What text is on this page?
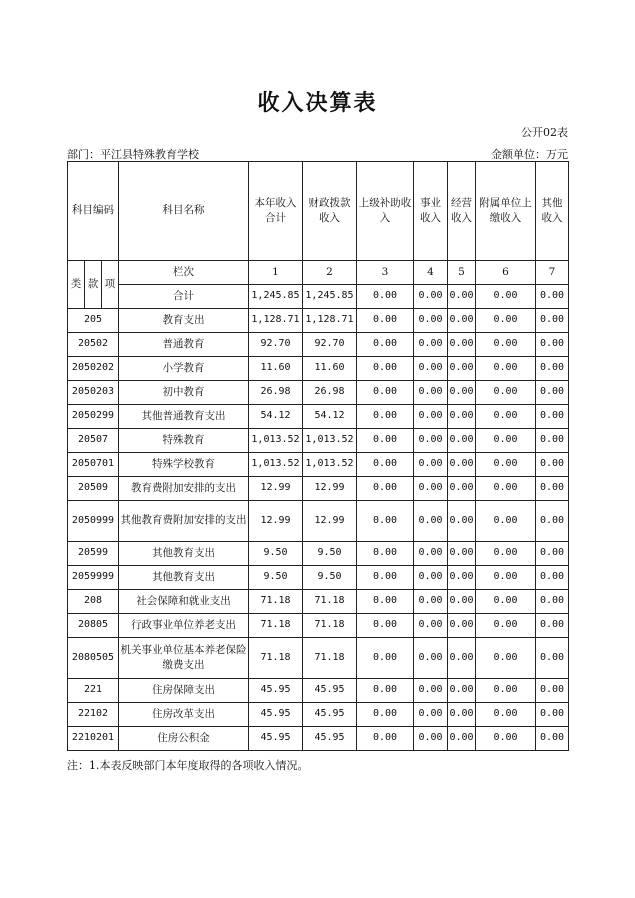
收入决算表
公开02表
部门：平江县特殊教育学校	金额单位：万元
科目编码			科目名称	本年收入合计	财政拨款收入	上级补助收入	事业收入	经营收入	附属单位上缴收入	其他收入
类	款	项	栏次	1	2	3	4	5	6	7
			合计	1,245.85	1,245.85	0.00	0.00	0.00	0.00	0.00
205			教育支出	1,128.71	1,128.71	0.00	0.00	0.00	0.00	0.00
20502			普通教育	92.70	92.70	0.00	0.00	0.00	0.00	0.00
2050202			小学教育	11.60	11.60	0.00	0.00	0.00	0.00	0.00
2050203			初中教育	26.98	26.98	0.00	0.00	0.00	0.00	0.00
2050299			其他普通教育支出	54.12	54.12	0.00	0.00	0.00	0.00	0.00
20507			特殊教育	1,013.52	1,013.52	0.00	0.00	0.00	0.00	0.00
2050701			特殊学校教育	1,013.52	1,013.52	0.00	0.00	0.00	0.00	0.00
20509			教育费附加安排的支出	12.99	12.99	0.00	0.00	0.00	0.00	0.00
2050999			其他教育费附加安排的支出	12.99	12.99	0.00	0.00	0.00	0.00	0.00
20599			其他教育支出	9.50	9.50	0.00	0.00	0.00	0.00	0.00
2059999			其他教育支出	9.50	9.50	0.00	0.00	0.00	0.00	0.00
208			社会保障和就业支出	71.18	71.18	0.00	0.00	0.00	0.00	0.00
20805			行政事业单位养老支出	71.18	71.18	0.00	0.00	0.00	0.00	0.00
2080505			机关事业单位基本养老保险缴费支出	71.18	71.18	0.00	0.00	0.00	0.00	0.00
221			住房保障支出	45.95	45.95	0.00	0.00	0.00	0.00	0.00
22102			住房改革支出	45.95	45.95	0.00	0.00	0.00	0.00	0.00
2210201			住房公积金	45.95	45.95	0.00	0.00	0.00	0.00	0.00
注：1.本表反映部门本年度取得的各项收入情况。
